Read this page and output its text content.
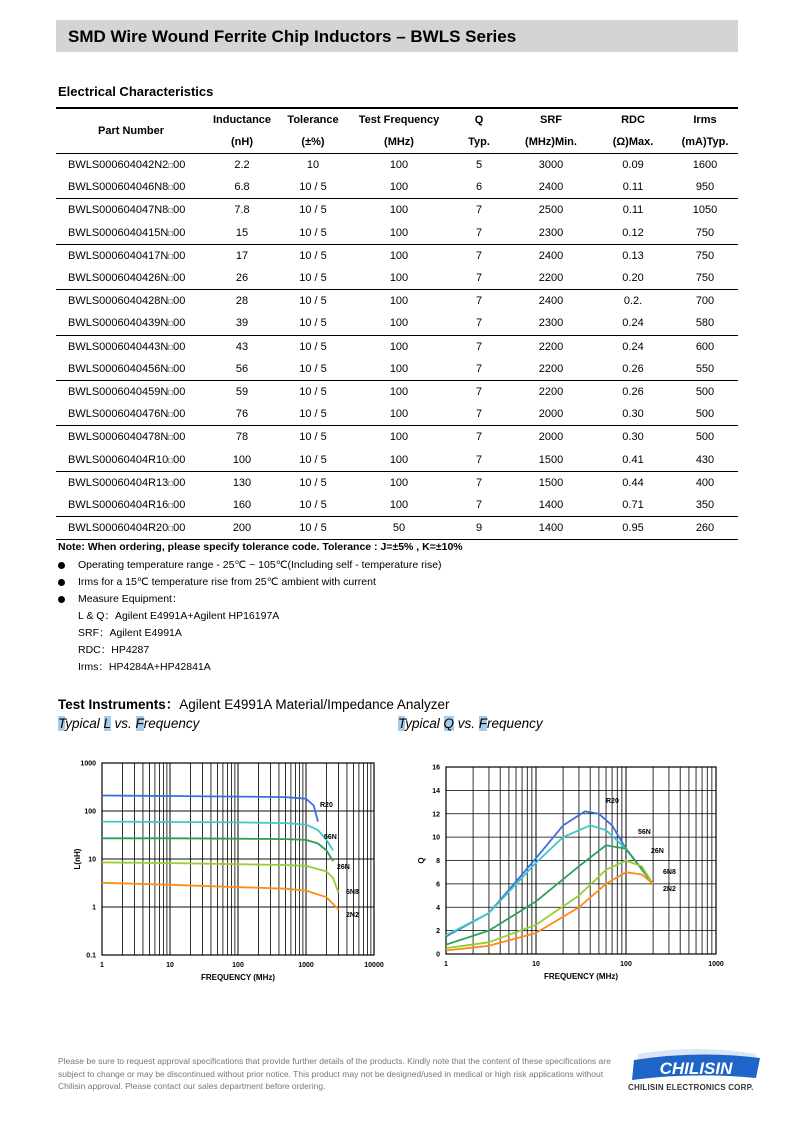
SMD Wire Wound Ferrite Chip Inductors – BWLS Series
Electrical Characteristics
Part Number	Inductance	Tolerance	Test Frequency	Q	SRF	RDC	Irms
	(nH)	(±%)	(MHz)	Typ.	(MHz)Min.	(Ω)Max.	(mA)Typ.
BWLS000604042N2□00	2.2	10	100	5	3000	0.09	1600
BWLS000604046N8□00	6.8	10 / 5	100	6	2400	0.11	950
BWLS000604047N8□00	7.8	10 / 5	100	7	2500	0.11	1050
BWLS0006040415N□00	15	10 / 5	100	7	2300	0.12	750
BWLS0006040417N□00	17	10 / 5	100	7	2400	0.13	750
BWLS0006040426N□00	26	10 / 5	100	7	2200	0.20	750
BWLS0006040428N□00	28	10 / 5	100	7	2400	0.2.	700
BWLS0006040439N□00	39	10 / 5	100	7	2300	0.24	580
BWLS0006040443N□00	43	10 / 5	100	7	2200	0.24	600
BWLS0006040456N□00	56	10 / 5	100	7	2200	0.26	550
BWLS0006040459N□00	59	10 / 5	100	7	2200	0.26	500
BWLS0006040476N□00	76	10 / 5	100	7	2000	0.30	500
BWLS0006040478N□00	78	10 / 5	100	7	2000	0.30	500
BWLS00060404R10□00	100	10 / 5	100	7	1500	0.41	430
BWLS00060404R13□00	130	10 / 5	100	7	1500	0.44	400
BWLS00060404R16□00	160	10 / 5	100	7	1400	0.71	350
BWLS00060404R20□00	200	10 / 5	50	9	1400	0.95	260
Note: When ordering, please specify tolerance code. Tolerance : J=±5% , K=±10%
Operating temperature range - 25℃ ~ 105℃(Including self - temperature rise)
Irms for a 15℃ temperature rise from 25℃ ambient with current
Measure Equipment：
L & Q：Agilent E4991A+Agilent HP16197A
SRF：Agilent E4991A
RDC：HP4287
Irms：HP4284A+HP42841A
Test Instruments：Agilent E4991A Material/Impedance Analyzer
Typical L vs. Frequency	Typical Q vs. Frequency
R20
56N
26N
6N8
2N2
1	10	100	1000	10000
0.1
1
10
100
1000
FREQUENCY (MHz)
L(nH)
R20
56N
26N
6N8
2N2
1	10	100	1000
0
2
4
6
8
10
12
14
16
FREQUENCY (MHz)
Q
Please be sure to request approval specifications that provide further details of the products. Kindly note that the content of these specifications are subject to change or may be discontinued without prior notice. This product may not be designed/used in medical or high risk applications without Chilisin approval. Please contact our sales department before ordering.
CHILISIN
CHILISIN ELECTRONICS CORP.
